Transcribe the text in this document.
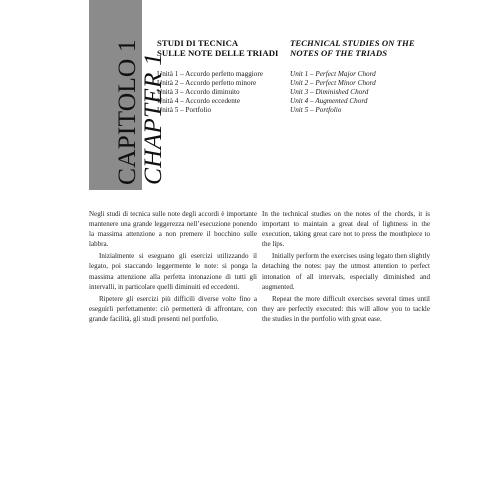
CAPITOLO 1
CHAPTER 1
STUDI DI TECNICA
SULLE NOTE DELLE TRIADI
Unità 1 – Accordo perfetto maggiore
Unità 2 – Accordo perfetto minore
Unità 3 – Accordo diminuito
Unità 4 – Accordo eccedente
Unità 5 – Portfolio
TECHNICAL STUDIES ON THE
NOTES OF THE TRIADS
Unit 1 – Perfect Major Chord
Unit 2 – Perfect Minor Chord
Unit 3 – Diminished Chord
Unit 4 – Augmented Chord
Unit 5 – Portfolio

Negli studi di tecnica sulle note degli accordi è importante mantenere una grande leggerezza nell’esecuzione ponendo la massima attenzione a non premere il bocchino sulle labbra.

Inizialmente si eseguano gli esercizi utilizzando il legato, poi staccando leggermente le note: si ponga la massima attenzione alla perfetta intonazione di tutti gli intervalli, in particolare quelli diminuiti ed eccedenti.

Ripetere gli esercizi più difficili diverse volte fino a eseguirli perfettamente: ciò permetterà di affrontare, con grande facilità, gli studi presenti nel portfolio.

In the technical studies on the notes of the chords, it is important to maintain a great deal of lightness in the execution, taking great care not to press the mouthpiece to the lips.

Initially perform the exercises using legato then slightly detaching the notes: pay the utmost attention to perfect intonation of all intervals, especially diminished and augmented.

Repeat the more difficult exercises several times until they are perfectly executed: this will allow you to tackle the studies in the portfolio with great ease.
